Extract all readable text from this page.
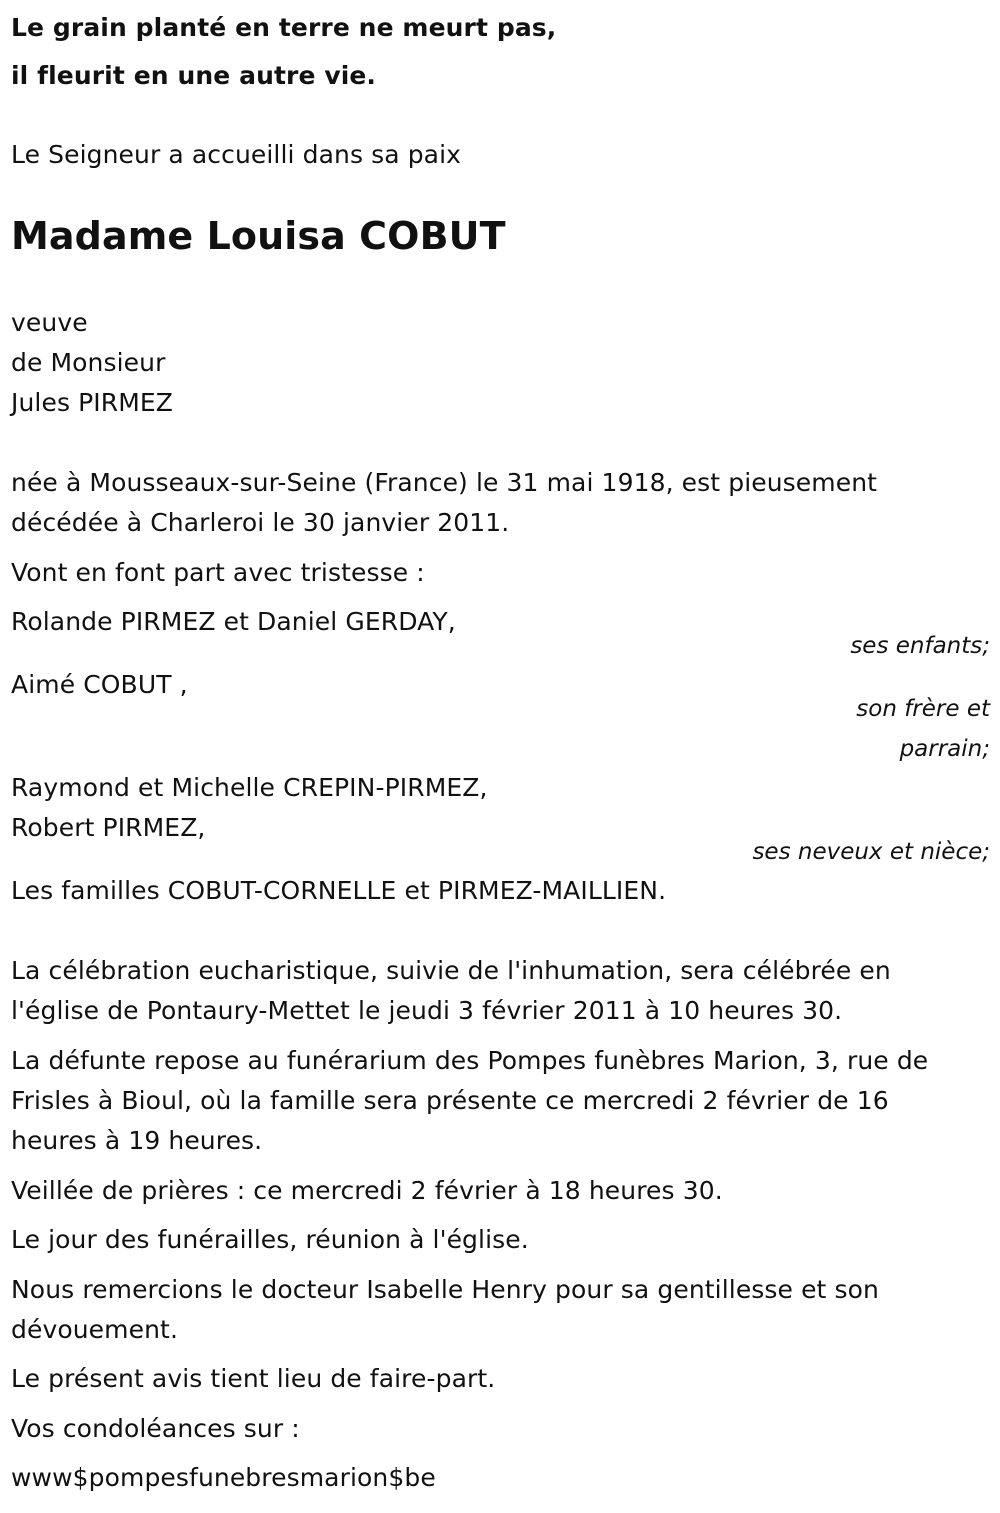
Le grain planté en terre ne meurt pas,
il fleurit en une autre vie.
Le Seigneur a accueilli dans sa paix
Madame Louisa COBUT
veuve
de Monsieur
Jules PIRMEZ
née à Mousseaux-sur-Seine (France) le 31 mai 1918, est pieusement
décédée à Charleroi le 30 janvier 2011.
Vont en font part avec tristesse :
Rolande PIRMEZ et Daniel GERDAY,
ses enfants;
Aimé COBUT ,
son frère et
parrain;
Raymond et Michelle CREPIN-PIRMEZ,
Robert PIRMEZ,
ses neveux et nièce;
Les familles COBUT-CORNELLE et PIRMEZ-MAILLIEN.
La célébration eucharistique, suivie de l'inhumation, sera célébrée en
l'église de Pontaury-Mettet le jeudi 3 février 2011 à 10 heures 30.
La défunte repose au funérarium des Pompes funèbres Marion, 3, rue de
Frisles à Bioul, où la famille sera présente ce mercredi 2 février de 16
heures à 19 heures.
Veillée de prières : ce mercredi 2 février à 18 heures 30.
Le jour des funérailles, réunion à l'église.
Nous remercions le docteur Isabelle Henry pour sa gentillesse et son
dévouement.
Le présent avis tient lieu de faire-part.
Vos condoléances sur :
www$pompesfunebresmarion$be
